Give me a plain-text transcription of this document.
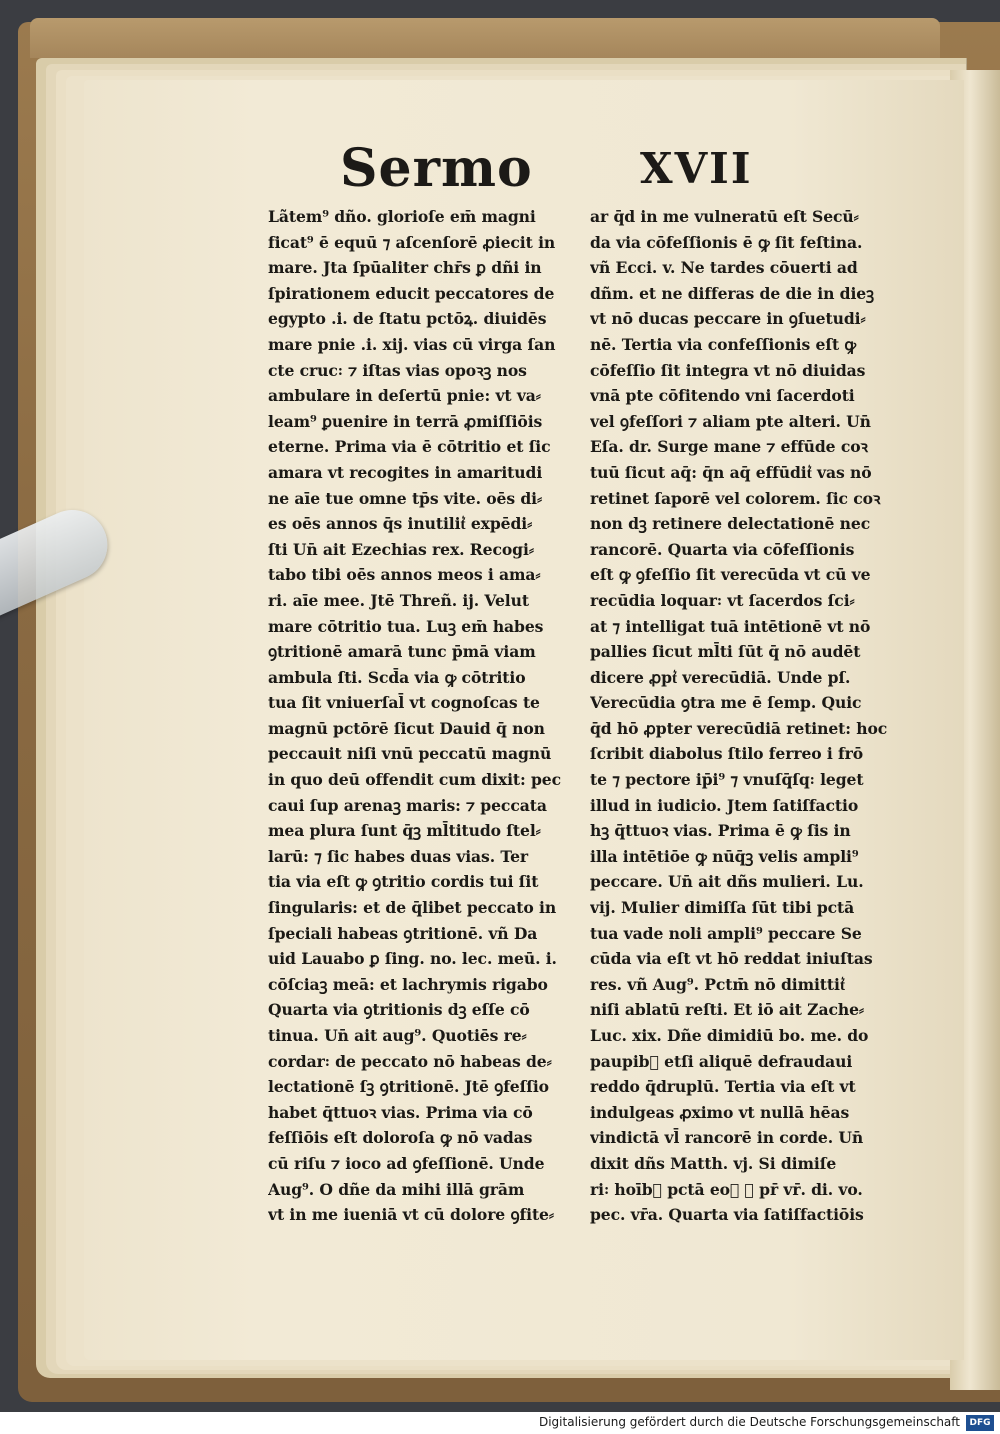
Sermo	XVII
Lãtem⁹ dño. glorioſe em̄ magni
ficat⁹ ē equū ⁊ aſcenſorē ꝓiecit in
mare. Jta ſpūaliter chr̄s ꝑ dñi in
ſpirationem educit peccatores de
egypto .i. de ſtatu pctōꝝ. diuidēs
mare pnie .i. xij. vias cū virga ſan
cte cruc꞉ ⁊ iſtas vias opoꝛꝫ nos
ambulare in deſertū pnie: vt va⸗
leam⁹ ꝑuenire in terrā ꝓmiſſiōis
eterne. Prima via ē cōtritio et ſic
amara vt recogites in amaritudi
ne aīe tue omne tp̄s vite. oēs di⸗
es oēs annos q̄s inutilit͛ expēdi⸗
ſti Un̄ ait Ezechias rex. Recogi⸗
tabo tibi oēs annos meos i ama⸗
ri. aīe mee. Jtē Threñ. ij. Velut
mare cōtritio tua. Luꝫ em̄ habes
ꝯtritionē amarā tunc p̄mā viam
ambula ſti. Scd̄a via ꝙ cōtritio
tua ſit vniuerſal̄ vt cognoſcas te
magnū pctōrē ſicut Dauid q̄ non
peccauit niſi vnū peccatū magnū
in quo deū offendit cum dixit: pec
caui ſup arenaꝫ maris: ⁊ peccata
mea plura ſunt q̄ꝫ ml̄titudo ſtel⸗
larū: ⁊ ſic habes duas vias. Ter
tia via eſt ꝙ ꝯtritio cordis tui ſit
ſingularis: et de q̄libet peccato in
ſpeciali habeas ꝯtritionē. vñ Da
uid Lauabo ꝑ ſing. no. lec. meū. i.
cōſciaꝫ meā: et lachrymis rigabo
Quarta via ꝯtritionis dꝫ eſſe cō
tinua. Un̄ ait aug⁹. Quotiēs re⸗
cordar꞉ de peccato nō habeas de⸗
lectationē ſꝫ ꝯtritionē. Jtē ꝯfeſſio
habet q̄ttuoꝛ vias. Prima via cō
feſſiōis eſt doloroſa ꝙ nō vadas
cū riſu ⁊ ioco ad ꝯfeſſionē. Unde
Aug⁹. O dñe da mihi illā grām
vt in me iueniā vt cū dolore ꝯfite⸗
ar q̄d in me vulneratū eſt Secū⸗
da via cōfeſſionis ē ꝙ ſit feſtina.
vñ Ecci. v. Ne tardes cōuerti ad
dñm. et ne differas de die in dieꝫ
vt nō ducas peccare in ꝯſuetudi⸗
nē. Tertia via confeſſionis eſt ꝙ
cōfeſſio ſit integra vt nō diuidas
vnā pte cōfitendo vni ſacerdoti
vel ꝯfeſſori ⁊ aliam pte alteri. Un̄
Eſa. dr. Surge mane ⁊ effūde coꝛ
tuū ſicut aq̄: q̄n aq̄ effūdit͛ vas nō
retinet ſaporē vel colorem. ſic coꝛ
non dꝫ retinere delectationē nec
rancorē. Quarta via cōfeſſionis
eſt ꝙ ꝯfeſſio ſit verecūda vt cū ve
recūdia loquar꞉ vt ſacerdos ſci⸗
at ⁊ intelligat tuā intētionē vt nō
pallies ſicut ml̄ti ſūt q̄ nō audēt
dicere ꝓpt͛ verecūdiā. Unde pſ.
Verecūdia ꝯtra me ē ſemp. Quic
q̄d hō ꝓpter verecūdiā retinet: hoc
ſcribit diabolus ſtilo ferreo i frō
te ⁊ pectore ip̄i⁹ ⁊ vnuſq̄ſq꞉ leget
illud in iudicio. Jtem ſatiſfactio
hꝫ q̄ttuoꝛ vias. Prima ē ꝙ ſis in
illa intētiōe ꝙ nūq̄ꝫ velis ampli⁹
peccare. Un̄ ait dñs mulieri. Lu.
vij. Mulier dimiſſa ſūt tibi pctā
tua vade noli ampli⁹ peccare Se
cūda via eſt vt hō reddat iniuſtas
res. vñ Aug⁹. Pctm̄ nō dimittit͛
niſi ablatū reſti. Et iō ait Zache⸗
Luc. xix. Dñe dimidiū bo. me. do
paupib᷑ etſi aliquē defraudaui
reddo q̄druplū. Tertia via eſt vt
indulgeas ꝓximo vt nullā hēas
vindictā vl̄ rancorē in corde. Un̄
dixit dñs Matth. vj. Si dimiſe
ri꞉ hoīb᷑ pctā eoꝝ ⁊ pr̄ vr̄. di. vo.
pec. vr̄a. Quarta via ſatiſfactiōis
Digitalisierung gefördert durch die Deutsche Forschungsgemeinschaft	DFG
